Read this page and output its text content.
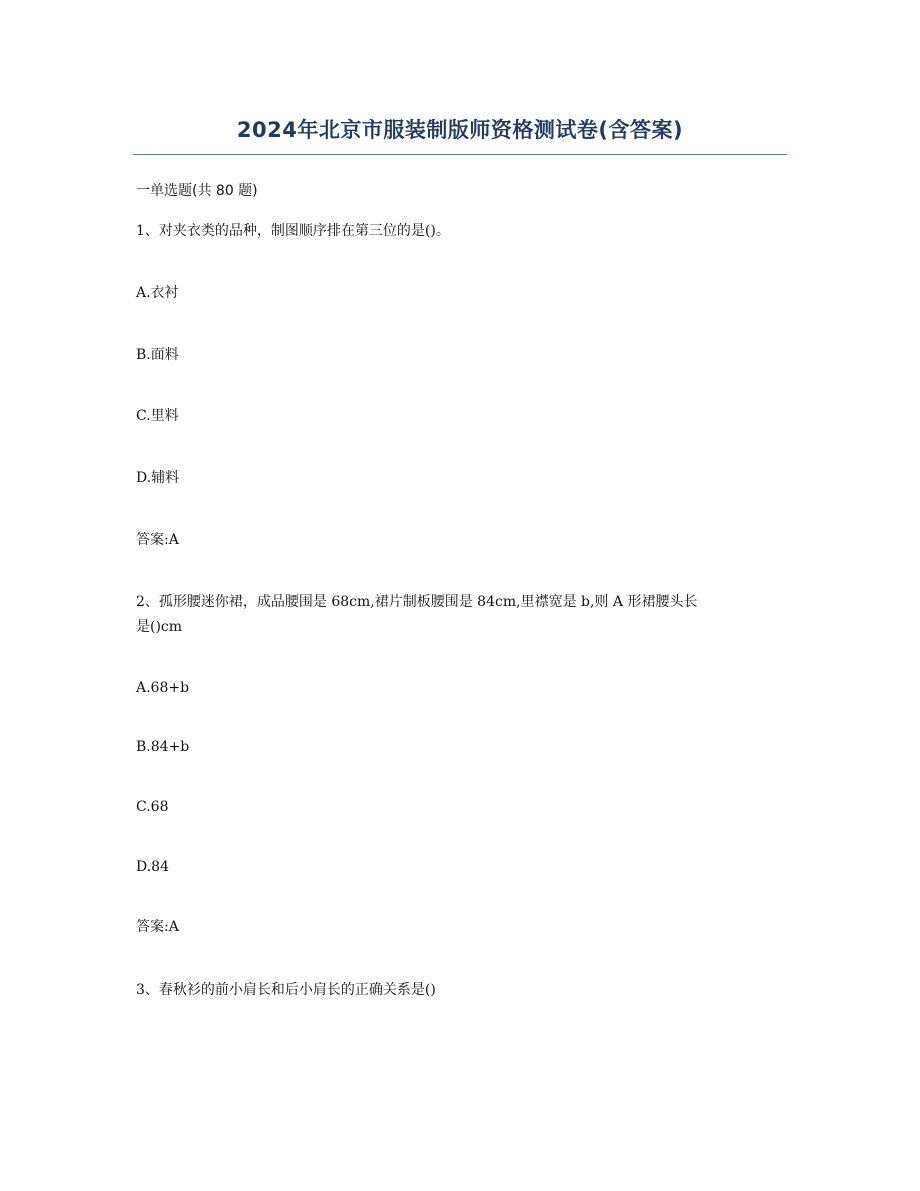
2024年北京市服装制版师资格测试卷(含答案)
一单选题(共 80 题)
1、对夹衣类的品种，制图顺序排在第三位的是()。
A.衣衬
B.面料
C.里料
D.辅料
答案:A
2、孤形腰迷你裙，成品腰围是 68cm,裙片制板腰围是 84cm,里襟宽是 b,则 A 形裙腰头长
是()cm
A.68+b
B.84+b
C.68
D.84
答案:A
3、春秋衫的前小肩长和后小肩长的正确关系是()
